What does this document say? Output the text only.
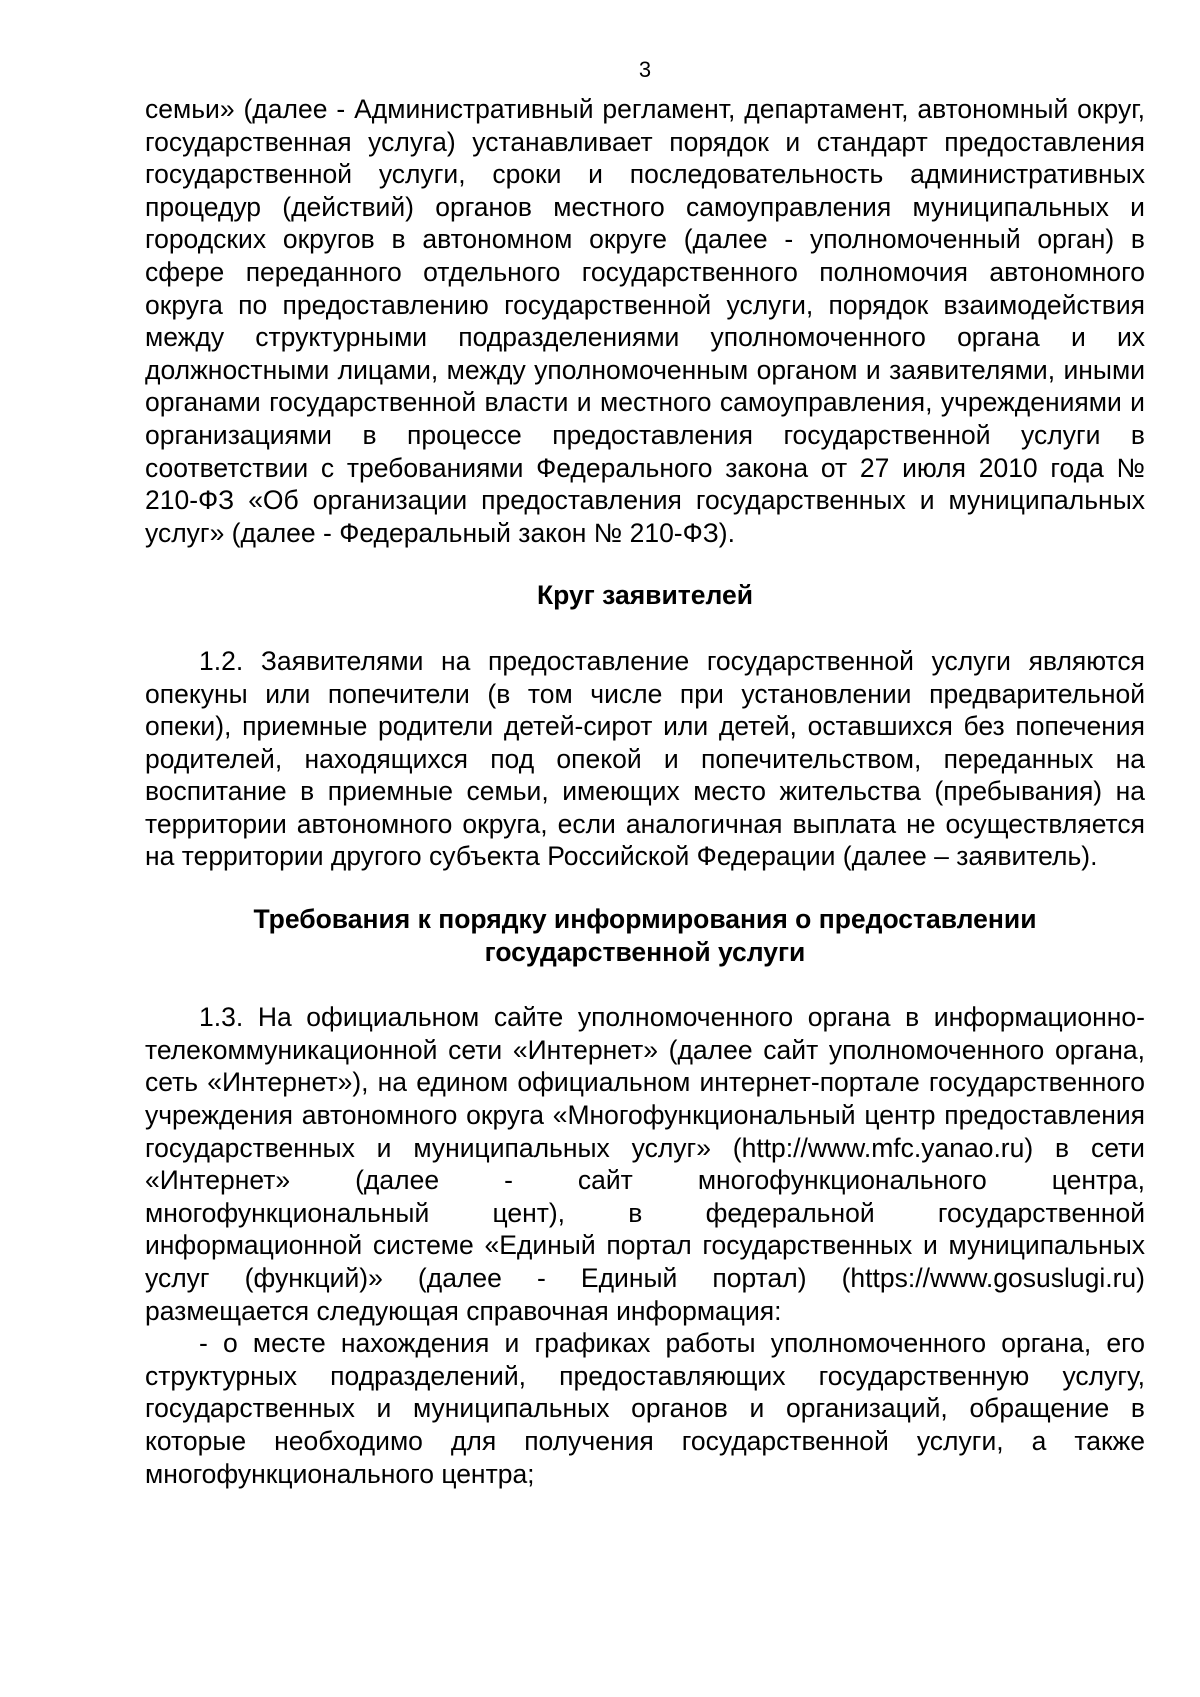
3

семьи» (далее - Административный регламент, департамент, автономный округ, государственная услуга) устанавливает порядок и стандарт предоставления государственной услуги, сроки и последовательность административных процедур (действий) органов местного самоуправления муниципальных и городских округов в автономном округе (далее - уполномоченный орган) в сфере переданного отдельного государственного полномочия автономного округа по предоставлению государственной услуги, порядок взаимодействия между структурными подразделениями уполномоченного органа и их должностными лицами, между уполномоченным органом и заявителями, иными органами государственной власти и местного самоуправления, учреждениями и организациями в процессе предоставления государственной услуги в соответствии с требованиями Федерального закона от 27 июля 2010 года № 210-ФЗ «Об организации предоставления государственных и муниципальных услуг» (далее - Федеральный закон № 210-ФЗ).

Круг заявителей

1.2. Заявителями на предоставление государственной услуги являются опекуны или попечители (в том числе при установлении предварительной опеки), приемные родители детей-сирот или детей, оставшихся без попечения родителей, находящихся под опекой и попечительством, переданных на воспитание в приемные семьи, имеющих место жительства (пребывания) на территории автономного округа, если аналогичная выплата не осуществляется на территории другого субъекта Российской Федерации (далее – заявитель).

Требования к порядку информирования о предоставлении
государственной услуги

1.3. На официальном сайте уполномоченного органа в информационно-телекоммуникационной сети «Интернет» (далее сайт уполномоченного органа, сеть «Интернет»), на едином официальном интернет-портале государственного учреждения автономного округа «Многофункциональный центр предоставления государственных и муниципальных услуг» (http://www.mfc.yanao.ru) в сети «Интернет» (далее - сайт многофункционального центра, многофункциональный цент), в федеральной государственной информационной системе «Единый портал государственных и муниципальных услуг (функций)» (далее - Единый портал) (https://www.gosuslugi.ru) размещается следующая справочная информация:

- о месте нахождения и графиках работы уполномоченного органа, его структурных подразделений, предоставляющих государственную услугу, государственных и муниципальных органов и организаций, обращение в которые необходимо для получения государственной услуги, а также многофункционального центра;
